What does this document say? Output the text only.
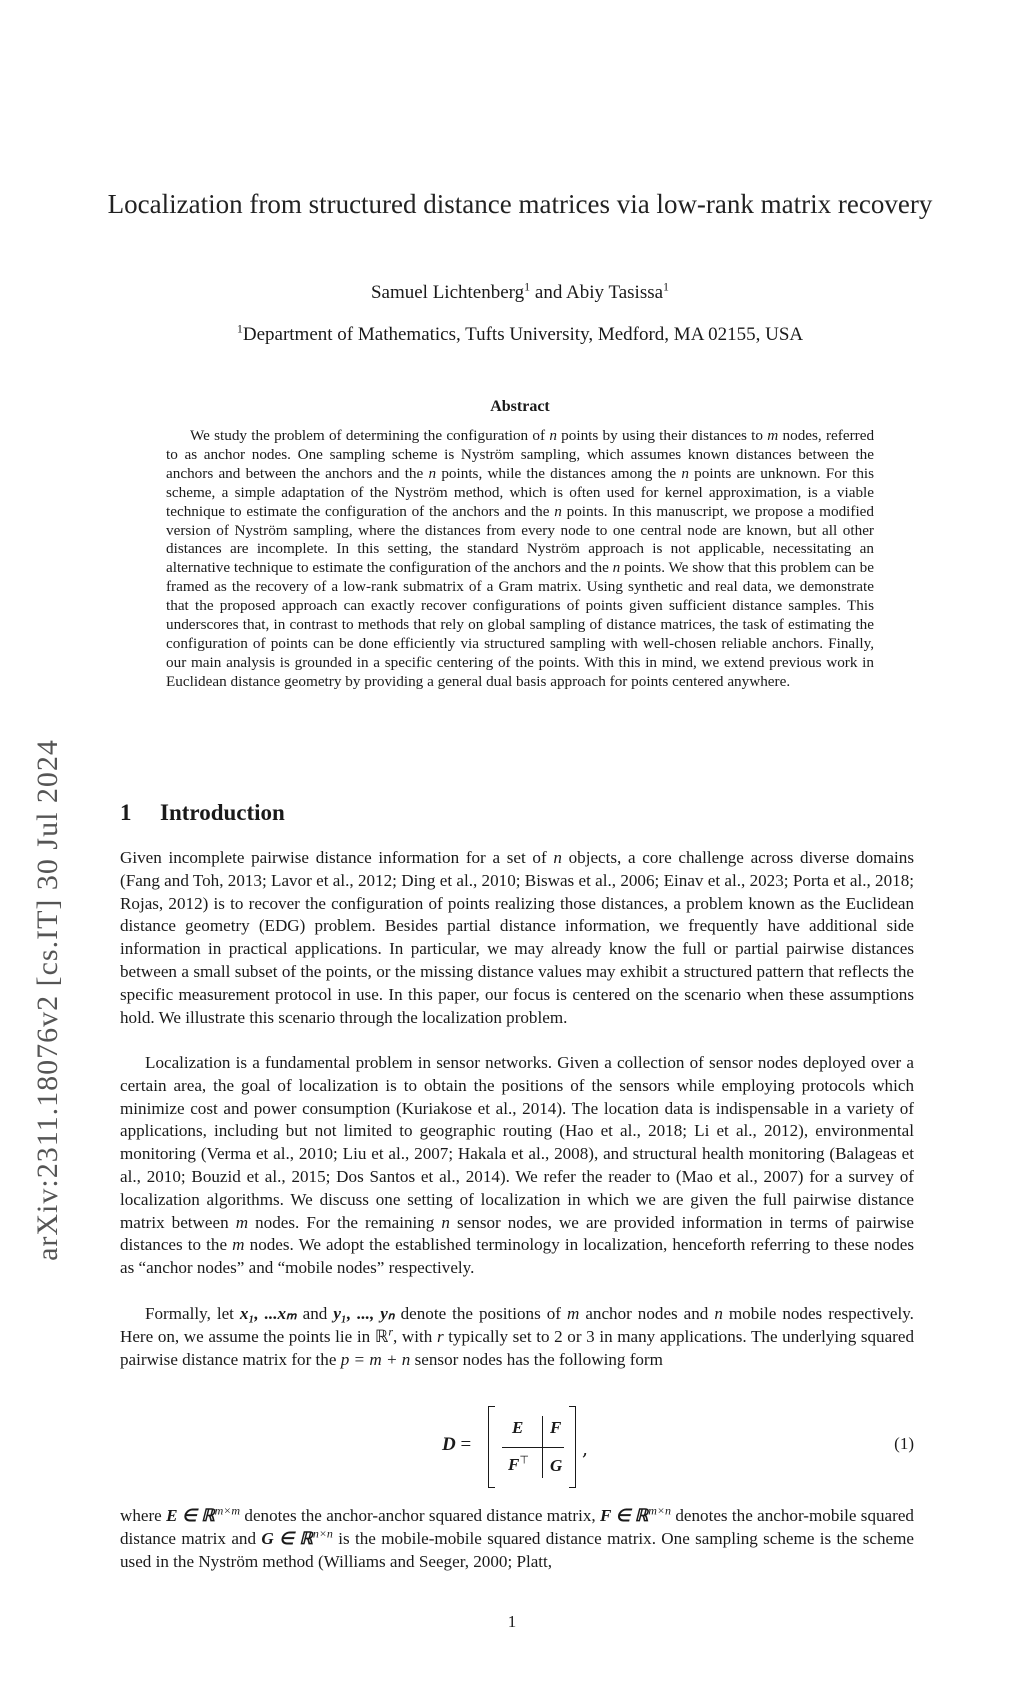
arXiv:2311.18076v2 [cs.IT] 30 Jul 2024
Localization from structured distance matrices via low-rank matrix recovery
Samuel Lichtenberg$^1$ and Abiy Tasissa$^1$
$^1$Department of Mathematics, Tufts University, Medford, MA 02155, USA
Abstract

We study the problem of determining the configuration of n points by using their distances to m nodes, referred to as anchor nodes. One sampling scheme is Nyström sampling, which assumes known distances between the anchors and between the anchors and the n points, while the distances among the n points are unknown. For this scheme, a simple adaptation of the Nyström method, which is often used for kernel approximation, is a viable technique to estimate the configuration of the anchors and the n points. In this manuscript, we propose a modified version of Nyström sampling, where the distances from every node to one central node are known, but all other distances are incomplete. In this setting, the standard Nyström approach is not applicable, necessitating an alternative technique to estimate the configuration of the anchors and the n points. We show that this problem can be framed as the recovery of a low-rank submatrix of a Gram matrix. Using synthetic and real data, we demonstrate that the proposed approach can exactly recover configurations of points given sufficient distance samples. This underscores that, in contrast to methods that rely on global sampling of distance matrices, the task of estimating the configuration of points can be done efficiently via structured sampling with well-chosen reliable anchors. Finally, our main analysis is grounded in a specific centering of the points. With this in mind, we extend previous work in Euclidean distance geometry by providing a general dual basis approach for points centered anywhere.

1 Introduction

Given incomplete pairwise distance information for a set of n objects, a core challenge across diverse domains (Fang and Toh, 2013; Lavor et al., 2012; Ding et al., 2010; Biswas et al., 2006; Einav et al., 2023; Porta et al., 2018; Rojas, 2012) is to recover the configuration of points realizing those distances, a problem known as the Euclidean distance geometry (EDG) problem. Besides partial distance information, we frequently have additional side information in practical applications. In particular, we may already know the full or partial pairwise distances between a small subset of the points, or the missing distance values may exhibit a structured pattern that reflects the specific measurement protocol in use. In this paper, our focus is centered on the scenario when these assumptions hold. We illustrate this scenario through the localization problem.

Localization is a fundamental problem in sensor networks. Given a collection of sensor nodes deployed over a certain area, the goal of localization is to obtain the positions of the sensors while employing protocols which minimize cost and power consumption (Kuriakose et al., 2014). The location data is indispensable in a variety of applications, including but not limited to geographic routing (Hao et al., 2018; Li et al., 2012), environmental monitoring (Verma et al., 2010; Liu et al., 2007; Hakala et al., 2008), and structural health monitoring (Balageas et al., 2010; Bouzid et al., 2015; Dos Santos et al., 2014). We refer the reader to (Mao et al., 2007) for a survey of localization algorithms. We discuss one setting of localization in which we are given the full pairwise distance matrix between m nodes. For the remaining n sensor nodes, we are provided information in terms of pairwise distances to the m nodes. We adopt the established terminology in localization, henceforth referring to these nodes as “anchor nodes” and “mobile nodes” respectively.

Formally, let x₁, ...xₘ and y₁, ..., yₙ denote the positions of m anchor nodes and n mobile nodes respectively. Here on, we assume the points lie in ℝ$^r$, with r typically set to 2 or 3 in many applications. The underlying squared pairwise distance matrix for the p = m + n sensor nodes has the following form

D =
E F
F⊤ G
,	(1)

where E ∈ ℝ$^{m\times m}$ denotes the anchor-anchor squared distance matrix, F ∈ ℝ$^{m\times n}$ denotes the anchor-mobile squared distance matrix and G ∈ ℝ$^{n\times n}$ is the mobile-mobile squared distance matrix. One sampling scheme is the scheme used in the Nyström method (Williams and Seeger, 2000; Platt,

1
